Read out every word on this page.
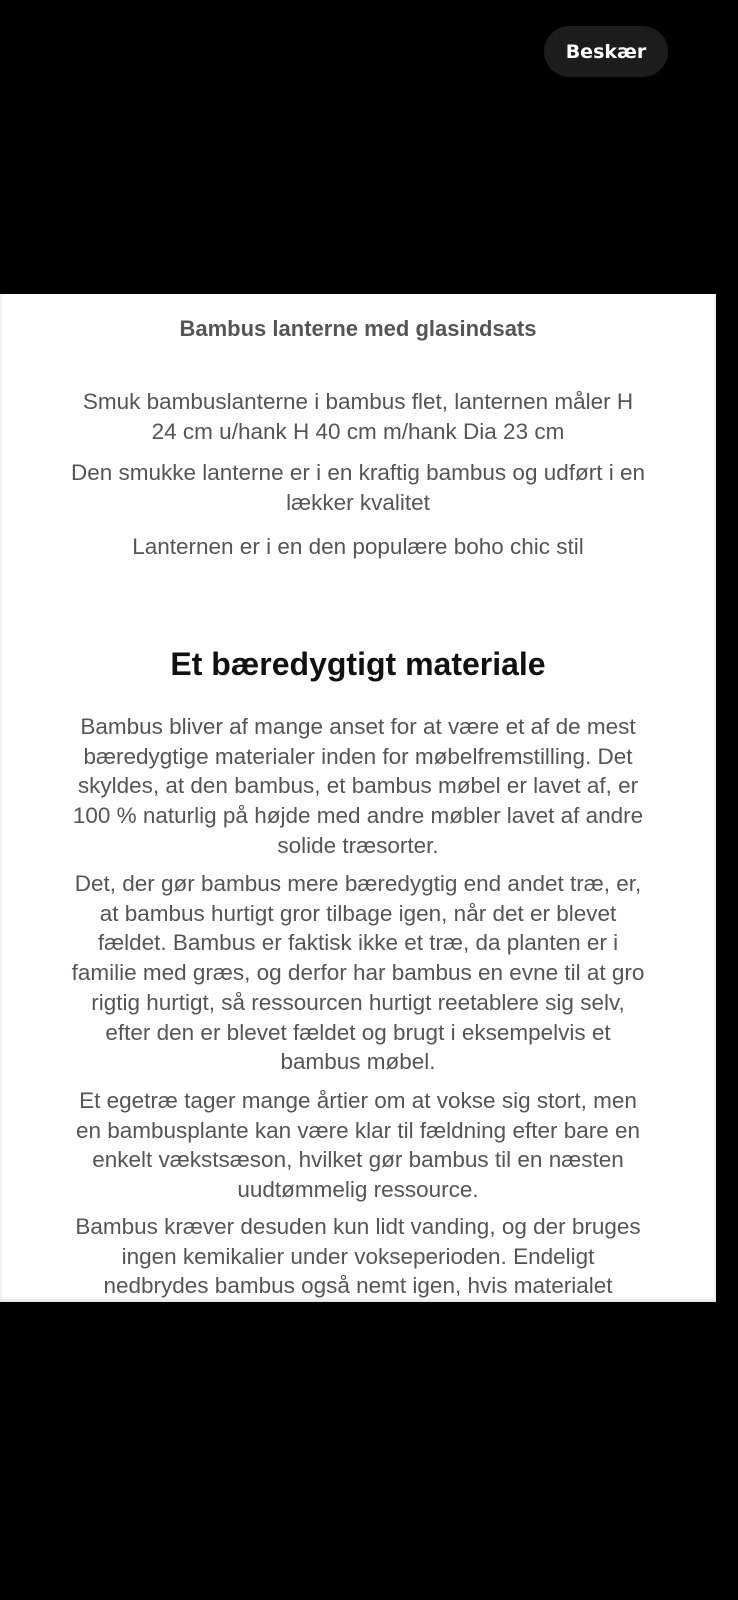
Beskær
Bambus lanterne med glasindsats
Smuk bambuslanterne i bambus flet, lanternen måler H
24 cm u/hank H 40 cm m/hank Dia 23 cm
Den smukke lanterne er i en kraftig bambus og udført i en
lækker kvalitet
Lanternen er i en den populære boho chic stil
Et bæredygtigt materiale
Bambus bliver af mange anset for at være et af de mest
bæredygtige materialer inden for møbelfremstilling. Det
skyldes, at den bambus, et bambus møbel er lavet af, er
100 % naturlig på højde med andre møbler lavet af andre
solide træsorter.
Det, der gør bambus mere bæredygtig end andet træ, er,
at bambus hurtigt gror tilbage igen, når det er blevet
fældet. Bambus er faktisk ikke et træ, da planten er i
familie med græs, og derfor har bambus en evne til at gro
rigtig hurtigt, så ressourcen hurtigt reetablere sig selv,
efter den er blevet fældet og brugt i eksempelvis et
bambus møbel.
Et egetræ tager mange årtier om at vokse sig stort, men
en bambusplante kan være klar til fældning efter bare en
enkelt vækstsæson, hvilket gør bambus til en næsten
uudtømmelig ressource.
Bambus kræver desuden kun lidt vanding, og der bruges
ingen kemikalier under vokseperioden. Endeligt
nedbrydes bambus også nemt igen, hvis materialet
